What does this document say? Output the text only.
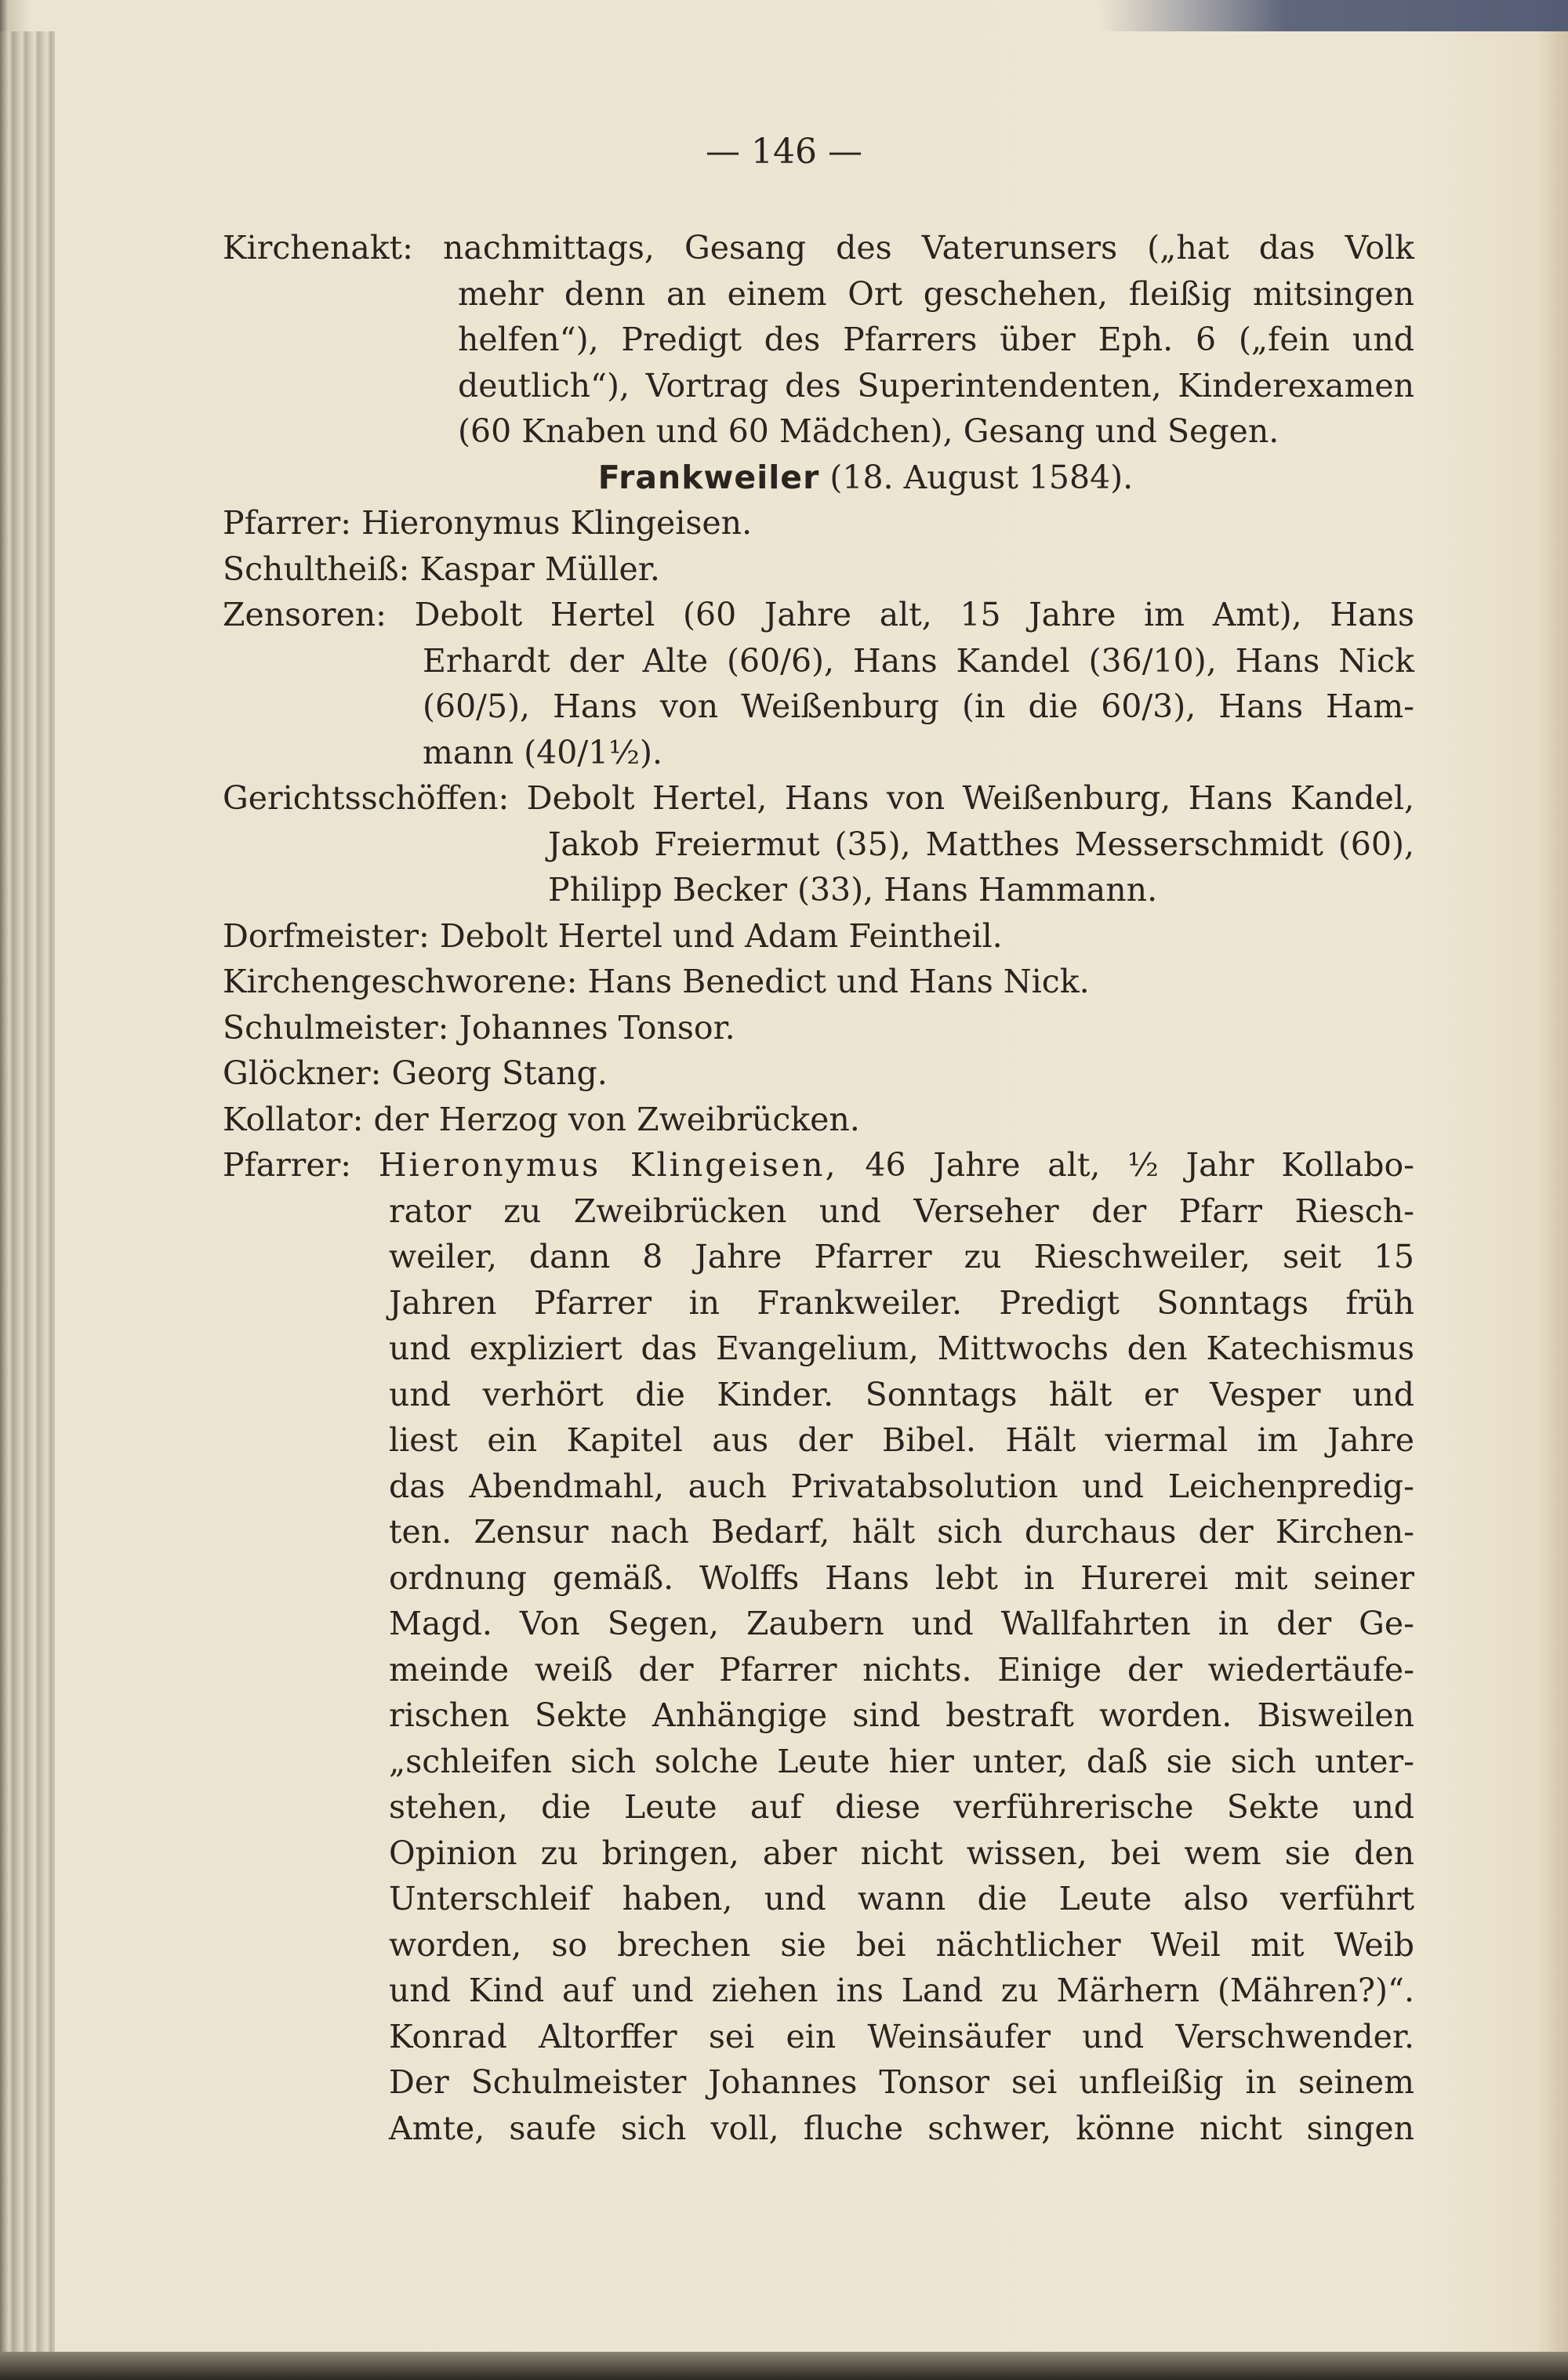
— 146 —
Kirchenakt: nachmittags, Gesang des Vaterunsers („hat das Volk
mehr denn an einem Ort geschehen, fleißig mitsingen
helfen“), Predigt des Pfarrers über Eph. 6 („fein und
deutlich“), Vortrag des Superintendenten, Kinderexamen
(60 Knaben und 60 Mädchen), Gesang und Segen.
Frankweiler (18. August 1584).
Pfarrer: Hieronymus Klingeisen.
Schultheiß: Kaspar Müller.
Zensoren: Debolt Hertel (60 Jahre alt, 15 Jahre im Amt), Hans
Erhardt der Alte (60/6), Hans Kandel (36/10), Hans Nick
(60/5), Hans von Weißenburg (in die 60/3), Hans Ham-
mann (40/1½).
Gerichtsschöffen: Debolt Hertel, Hans von Weißenburg, Hans Kandel,
Jakob Freiermut (35), Matthes Messerschmidt (60),
Philipp Becker (33), Hans Hammann.
Dorfmeister: Debolt Hertel und Adam Feintheil.
Kirchengeschworene: Hans Benedict und Hans Nick.
Schulmeister: Johannes Tonsor.
Glöckner: Georg Stang.
Kollator: der Herzog von Zweibrücken.
Pfarrer: Hieronymus Klingeisen, 46 Jahre alt, ½ Jahr Kollabo-
rator zu Zweibrücken und Verseher der Pfarr Riesch-
weiler, dann 8 Jahre Pfarrer zu Rieschweiler, seit 15
Jahren Pfarrer in Frankweiler. Predigt Sonntags früh
und expliziert das Evangelium, Mittwochs den Katechismus
und verhört die Kinder. Sonntags hält er Vesper und
liest ein Kapitel aus der Bibel. Hält viermal im Jahre
das Abendmahl, auch Privatabsolution und Leichenpredig-
ten. Zensur nach Bedarf, hält sich durchaus der Kirchen-
ordnung gemäß. Wolffs Hans lebt in Hurerei mit seiner
Magd. Von Segen, Zaubern und Wallfahrten in der Ge-
meinde weiß der Pfarrer nichts. Einige der wiedertäufe-
rischen Sekte Anhängige sind bestraft worden. Bisweilen
„schleifen sich solche Leute hier unter, daß sie sich unter-
stehen, die Leute auf diese verführerische Sekte und
Opinion zu bringen, aber nicht wissen, bei wem sie den
Unterschleif haben, und wann die Leute also verführt
worden, so brechen sie bei nächtlicher Weil mit Weib
und Kind auf und ziehen ins Land zu Märhern (Mähren?)“.
Konrad Altorffer sei ein Weinsäufer und Verschwender.
Der Schulmeister Johannes Tonsor sei unfleißig in seinem
Amte, saufe sich voll, fluche schwer, könne nicht singen
